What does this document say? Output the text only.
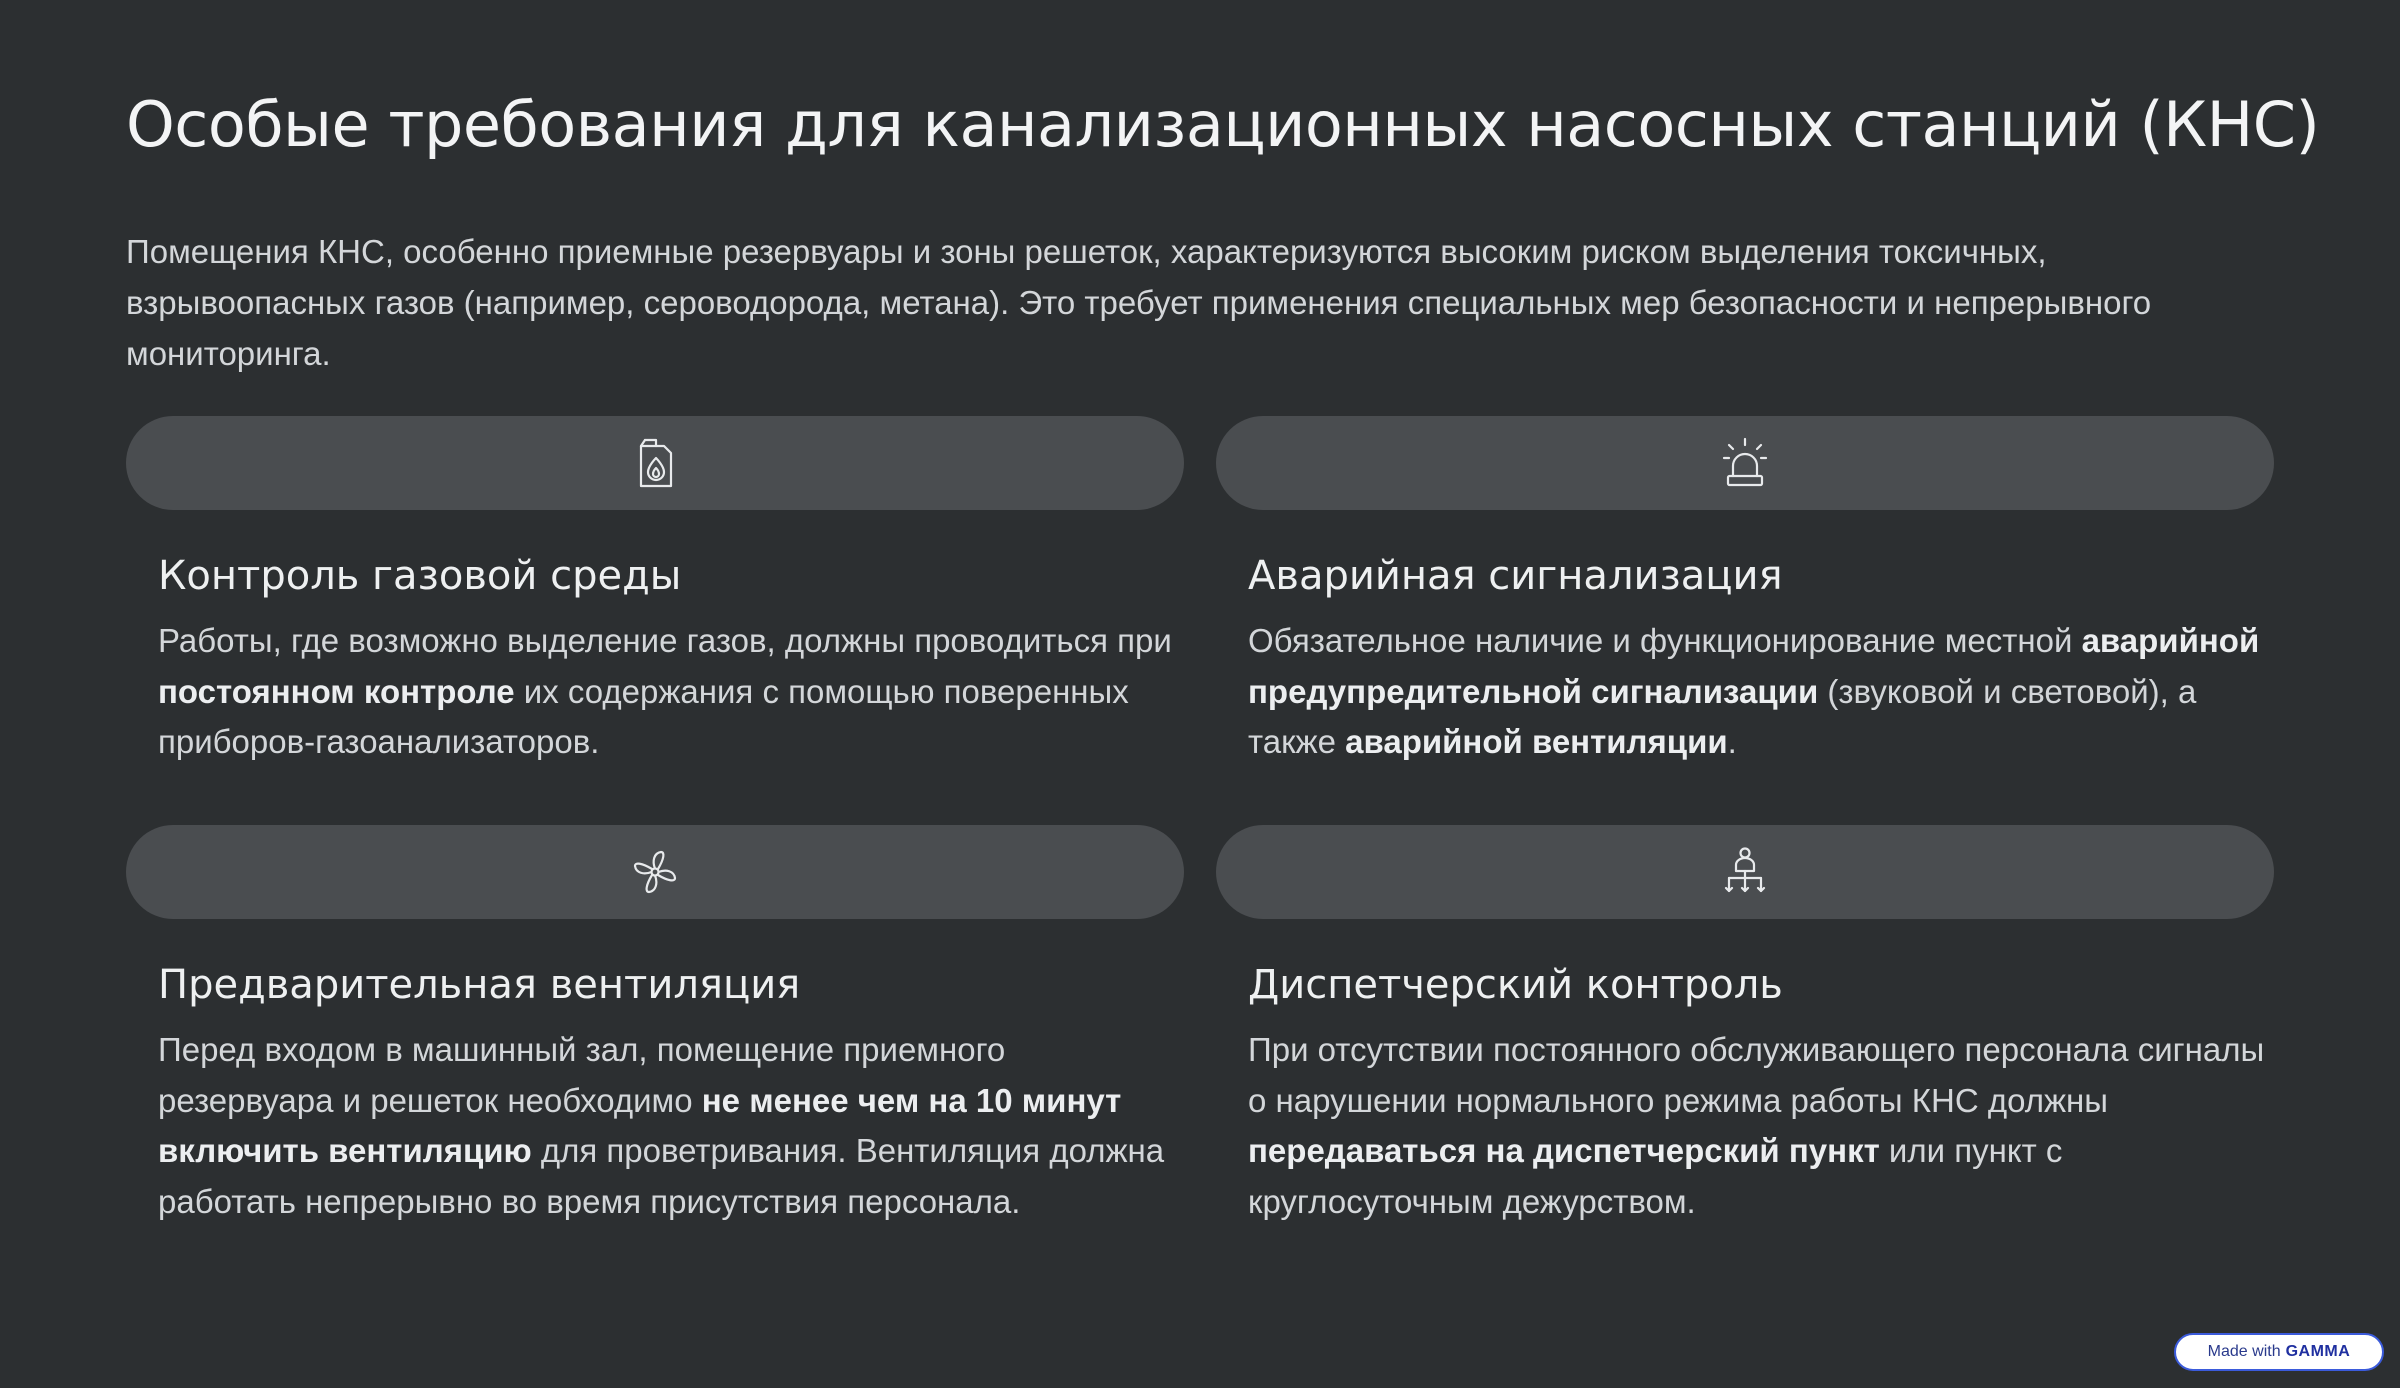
Особые требования для канализационных насосных станций (КНС)

Помещения КНС, особенно приемные резервуары и зоны решеток, характеризуются высоким риском выделения токсичных, взрывоопасных газов (например, сероводорода, метана). Это требует применения специальных мер безопасности и непрерывного мониторинга.

Контроль газовой среды

Работы, где возможно выделение газов, должны проводиться при постоянном контроле их содержания с помощью поверенных приборов-газоанализаторов.

Аварийная сигнализация

Обязательное наличие и функционирование местной аварийной предупредительной сигнализации (звуковой и световой), а также аварийной вентиляции.

Предварительная вентиляция

Перед входом в машинный зал, помещение приемного резервуара и решеток необходимо не менее чем на 10 минут включить вентиляцию для проветривания. Вентиляция должна работать непрерывно во время присутствия персонала.

Диспетчерский контроль

При отсутствии постоянного обслуживающего персонала сигналы о нарушении нормального режима работы КНС должны передаваться на диспетчерский пункт или пункт с круглосуточным дежурством.

Made with GAMMA
